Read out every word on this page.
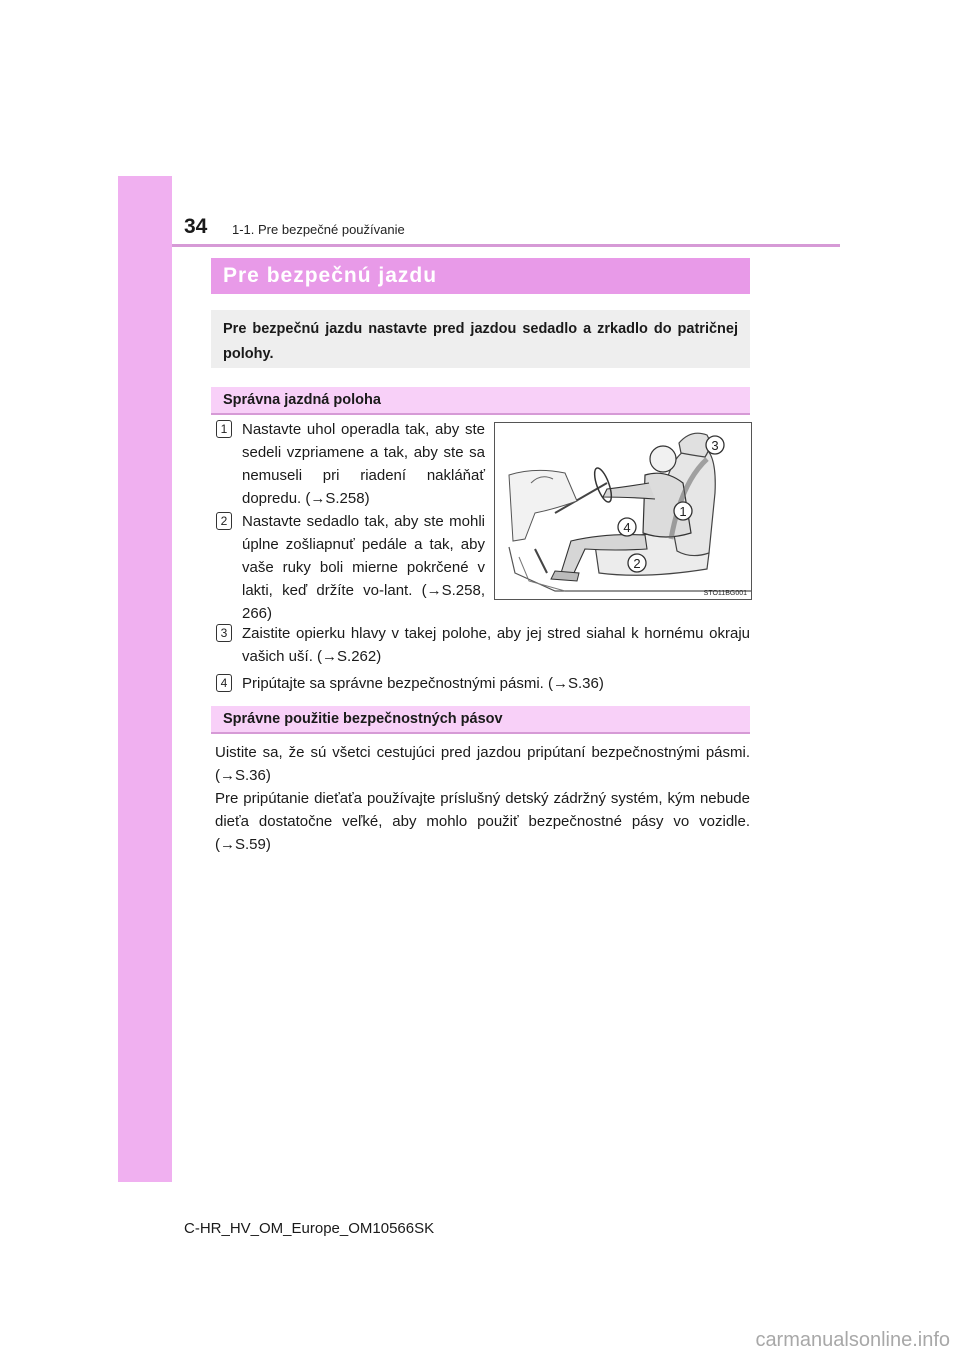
34 1-1. Pre bezpečné používanie
Pre bezpečnú jazdu
Pre bezpečnú jazdu nastavte pred jazdou sedadlo a zrkadlo do patričnej polohy.
Správna jazdná poloha
1 Nastavte uhol operadla tak, aby ste sedeli vzpriamene a tak, aby ste sa nemuseli pri riadení nakláňať dopredu. (→S.258)
2 Nastavte sedadlo tak, aby ste mohli úplne zošliapnuť pedále a tak, aby vaše ruky boli mierne pokrčené v lakti, keď držíte vo-lant. (→S.258, 266)
3
1
4
2
STO11BG001
3 Zaistite opierku hlavy v takej polohe, aby jej stred siahal k hornému okraju vašich uší. (→S.262)
4 Pripútajte sa správne bezpečnostnými pásmi. (→S.36)
Správne použitie bezpečnostných pásov
Uistite sa, že sú všetci cestujúci pred jazdou pripútaní bezpečnostnými pásmi. (→S.36)
Pre pripútanie dieťaťa používajte príslušný detský zádržný systém, kým nebude dieťa dostatočne veľké, aby mohlo použiť bezpečnostné pásy vo vozidle. (→S.59)
C-HR_HV_OM_Europe_OM10566SK
carmanualsonline.info
